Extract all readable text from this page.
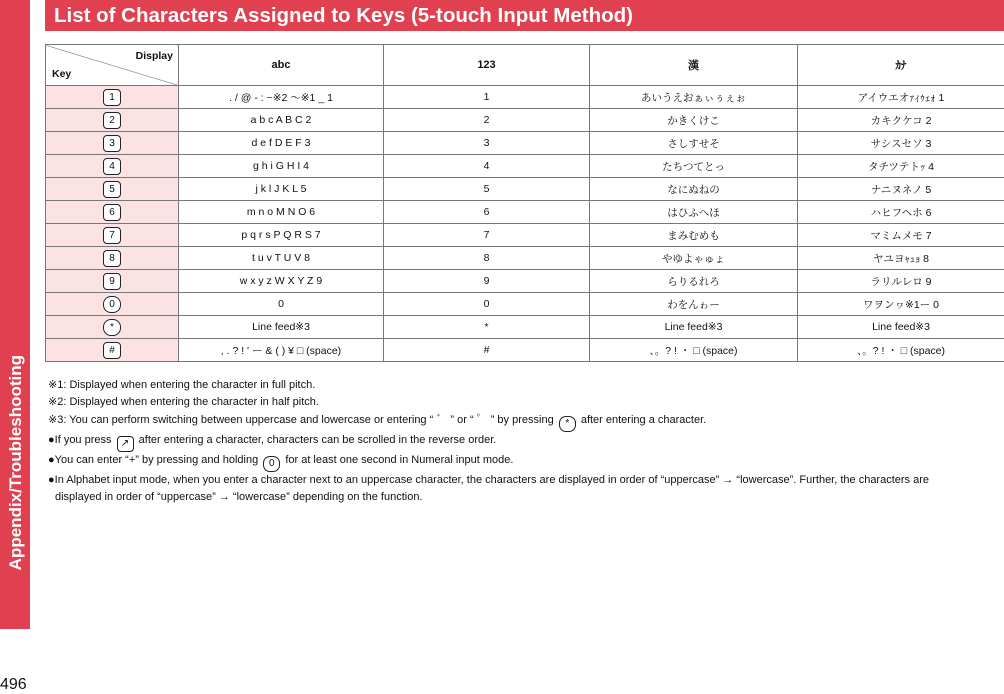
Appendix/Troubleshooting
List of Characters Assigned to Keys (5-touch Input Method)
Display
Key	abc	123	漢	ｶﾅ
1	. / @ - : ~※2 〜※1 _ 1	1	あいうえおぁぃぅぇぉ	アイウエオｧｨｩｪｫ 1
2	a b c A B C 2	2	かきくけこ	カキクケコ 2
3	d e f D E F 3	3	さしすせそ	サシスセソ 3
4	g h i G H I 4	4	たちつてとっ	タチツテトｯ 4
5	j k l J K L 5	5	なにぬねの	ナニヌネノ 5
6	m n o M N O 6	6	はひふへほ	ハヒフヘホ 6
7	p q r s P Q R S 7	7	まみむめも	マミムメモ 7
8	t u v T U V 8	8	やゆよゃゅょ	ヤユヨｬｭｮ 8
9	w x y z W X Y Z 9	9	らりるれろ	ラリルレロ 9
0	0	0	わをんゎー	ワヲンヮ※1ー 0
*	Line feed※3	*	Line feed※3	Line feed※3
#	, . ? ! ' ー & ( ) ¥ □ (space)	#	、。? ! ・ □ (space)	、。? ! ・ □ (space)
※1: Displayed when entering the character in full pitch.
※2: Displayed when entering the character in half pitch.
※3: You can perform switching between uppercase and lowercase or entering “ ゛ ” or “ ゜ ” by pressing * after entering a character.
●If you press ↗ after entering a character, characters can be scrolled in the reverse order.
●You can enter “+” by pressing and holding 0 for at least one second in Numeral input mode.
●In Alphabet input mode, when you enter a character next to an uppercase character, the characters are displayed in order of “uppercase” → “lowercase”. Further, the characters are
displayed in order of “uppercase” → “lowercase” depending on the function.
496
